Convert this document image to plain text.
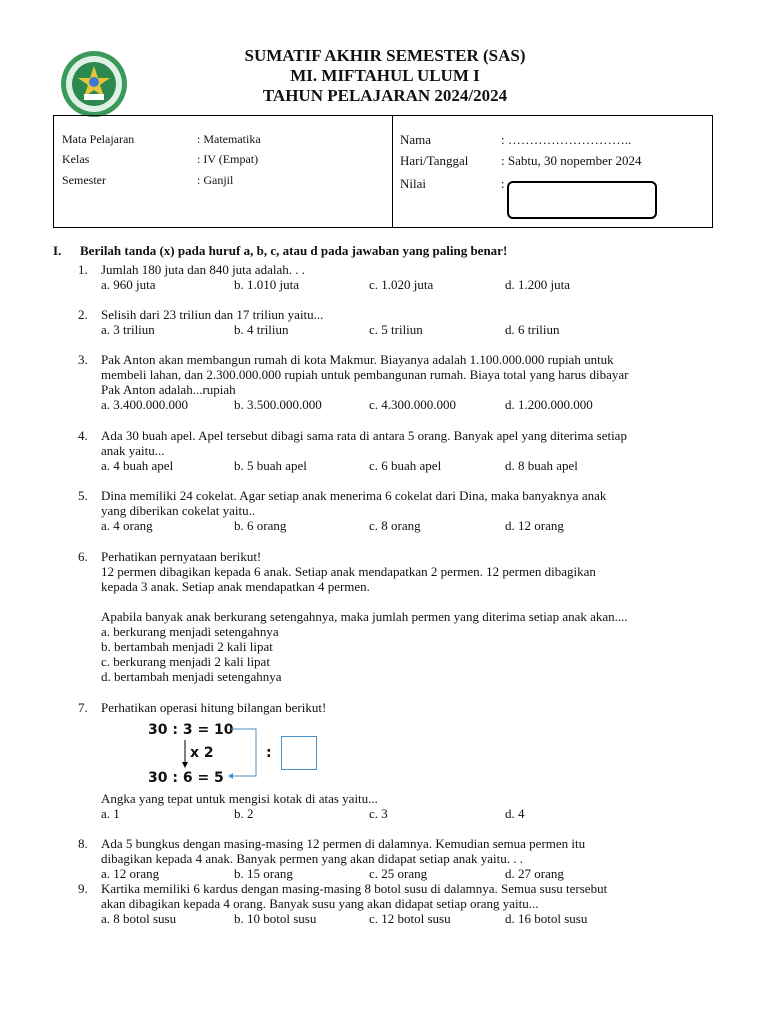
SUMATIF AKHIR SEMESTER (SAS)
MI. MIFTAHUL ULUM I
TAHUN PELAJARAN 2024/2024
Mata Pelajaran	: Matematika
Kelas	: IV (Empat)
Semester	: Ganjil
Nama	: ………………………..
Hari/Tanggal	: Sabtu, 30 nopember 2024
Nilai	:
I. Berilah tanda (x) pada huruf a, b, c, atau d pada jawaban yang paling benar!
1.	Jumlah 180 juta dan 840 juta adalah. . .
a. 960 juta	b. 1.010 juta	c. 1.020 juta	d. 1.200 juta
2.	Selisih dari 23 triliun dan 17 triliun yaitu...
a. 3 triliun	b. 4 triliun	c. 5 triliun	d. 6 triliun
3.	Pak Anton akan membangun rumah di kota Makmur. Biayanya adalah 1.100.000.000 rupiah untuk
membeli lahan, dan 2.300.000.000 rupiah untuk pembangunan rumah. Biaya total yang harus dibayar
Pak Anton adalah...rupiah
a. 3.400.000.000	b. 3.500.000.000	c. 4.300.000.000	d. 1.200.000.000
4.	Ada 30 buah apel. Apel tersebut dibagi sama rata di antara 5 orang. Banyak apel yang diterima setiap
anak yaitu...
a. 4 buah apel	b. 5 buah apel	c. 6 buah apel	d. 8 buah apel
5.	Dina memiliki 24 cokelat. Agar setiap anak menerima 6 cokelat dari Dina, maka banyaknya anak
yang diberikan cokelat yaitu..
a. 4 orang	b. 6 orang	c. 8 orang	d. 12 orang
6.	Perhatikan pernyataan berikut!
12 permen dibagikan kepada 6 anak. Setiap anak mendapatkan 2 permen. 12 permen dibagikan
kepada 3 anak. Setiap anak mendapatkan 4 permen.
Apabila banyak anak berkurang setengahnya, maka jumlah permen yang diterima setiap anak akan....
a. berkurang menjadi setengahnya
b. bertambah menjadi 2 kali lipat
c. berkurang menjadi 2 kali lipat
d. bertambah menjadi setengahnya
7.	Perhatikan operasi hitung bilangan berikut!
30 : 3 = 10
x 2
30 : 6 = 5
:
Angka yang tepat untuk mengisi kotak di atas yaitu...
a. 1	b. 2	c. 3	d. 4
8.	Ada 5 bungkus dengan masing-masing 12 permen di dalamnya. Kemudian semua permen itu
dibagikan kepada 4 anak. Banyak permen yang akan didapat setiap anak yaitu. . .
a. 12 orang	b. 15 orang	c. 25 orang	d. 27 orang
9.	Kartika memiliki 6 kardus dengan masing-masing 8 botol susu di dalamnya. Semua susu tersebut
akan dibagikan kepada 4 orang. Banyak susu yang akan didapat setiap orang yaitu...
a. 8 botol susu	b. 10 botol susu	c. 12 botol susu	d. 16 botol susu
